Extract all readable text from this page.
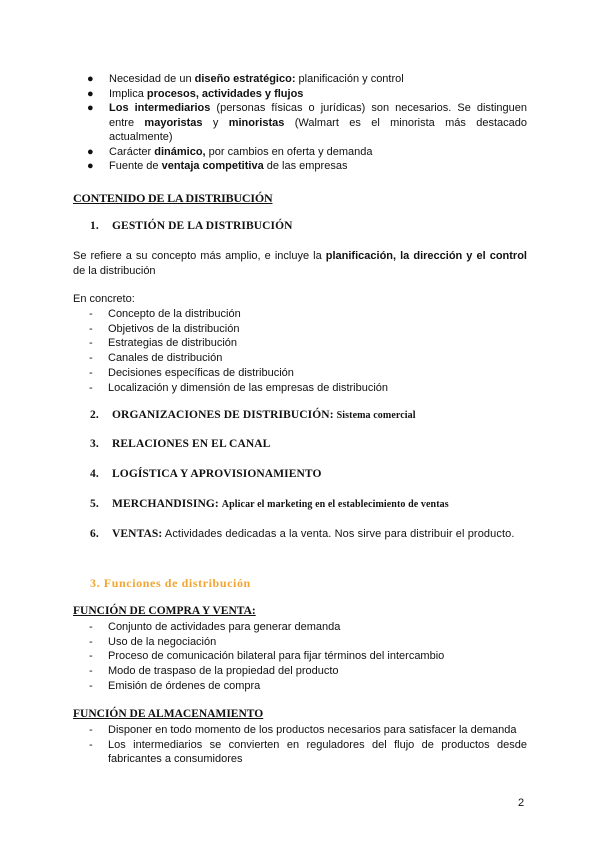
● Necesidad de un diseño estratégico: planificación y control
● Implica procesos, actividades y flujos
● Los intermediarios (personas físicas o jurídicas) son necesarios. Se distinguen entre mayoristas y minoristas (Walmart es el minorista más destacado actualmente)
● Carácter dinámico, por cambios en oferta y demanda
● Fuente de ventaja competitiva de las empresas
CONTENIDO DE LA DISTRIBUCIÓN
1. GESTIÓN DE LA DISTRIBUCIÓN
Se refiere a su concepto más amplio, e incluye la planificación, la dirección y el control de la distribución
En concreto:
- Concepto de la distribución
- Objetivos de la distribución
- Estrategias de distribución
- Canales de distribución
- Decisiones específicas de distribución
- Localización y dimensión de las empresas de distribución
2. ORGANIZACIONES DE DISTRIBUCIÓN: Sistema comercial
3. RELACIONES EN EL CANAL
4. LOGÍSTICA Y APROVISIONAMIENTO
5. MERCHANDISING: Aplicar el marketing en el establecimiento de ventas
6. VENTAS: Actividades dedicadas a la venta. Nos sirve para distribuir el producto.
3. Funciones de distribución
FUNCIÓN DE COMPRA Y VENTA:
- Conjunto de actividades para generar demanda
- Uso de la negociación
- Proceso de comunicación bilateral para fijar términos del intercambio
- Modo de traspaso de la propiedad del producto
- Emisión de órdenes de compra
FUNCIÓN DE ALMACENAMIENTO
- Disponer en todo momento de los productos necesarios para satisfacer la demanda
- Los intermediarios se convierten en reguladores del flujo de productos desde fabricantes a consumidores
2
